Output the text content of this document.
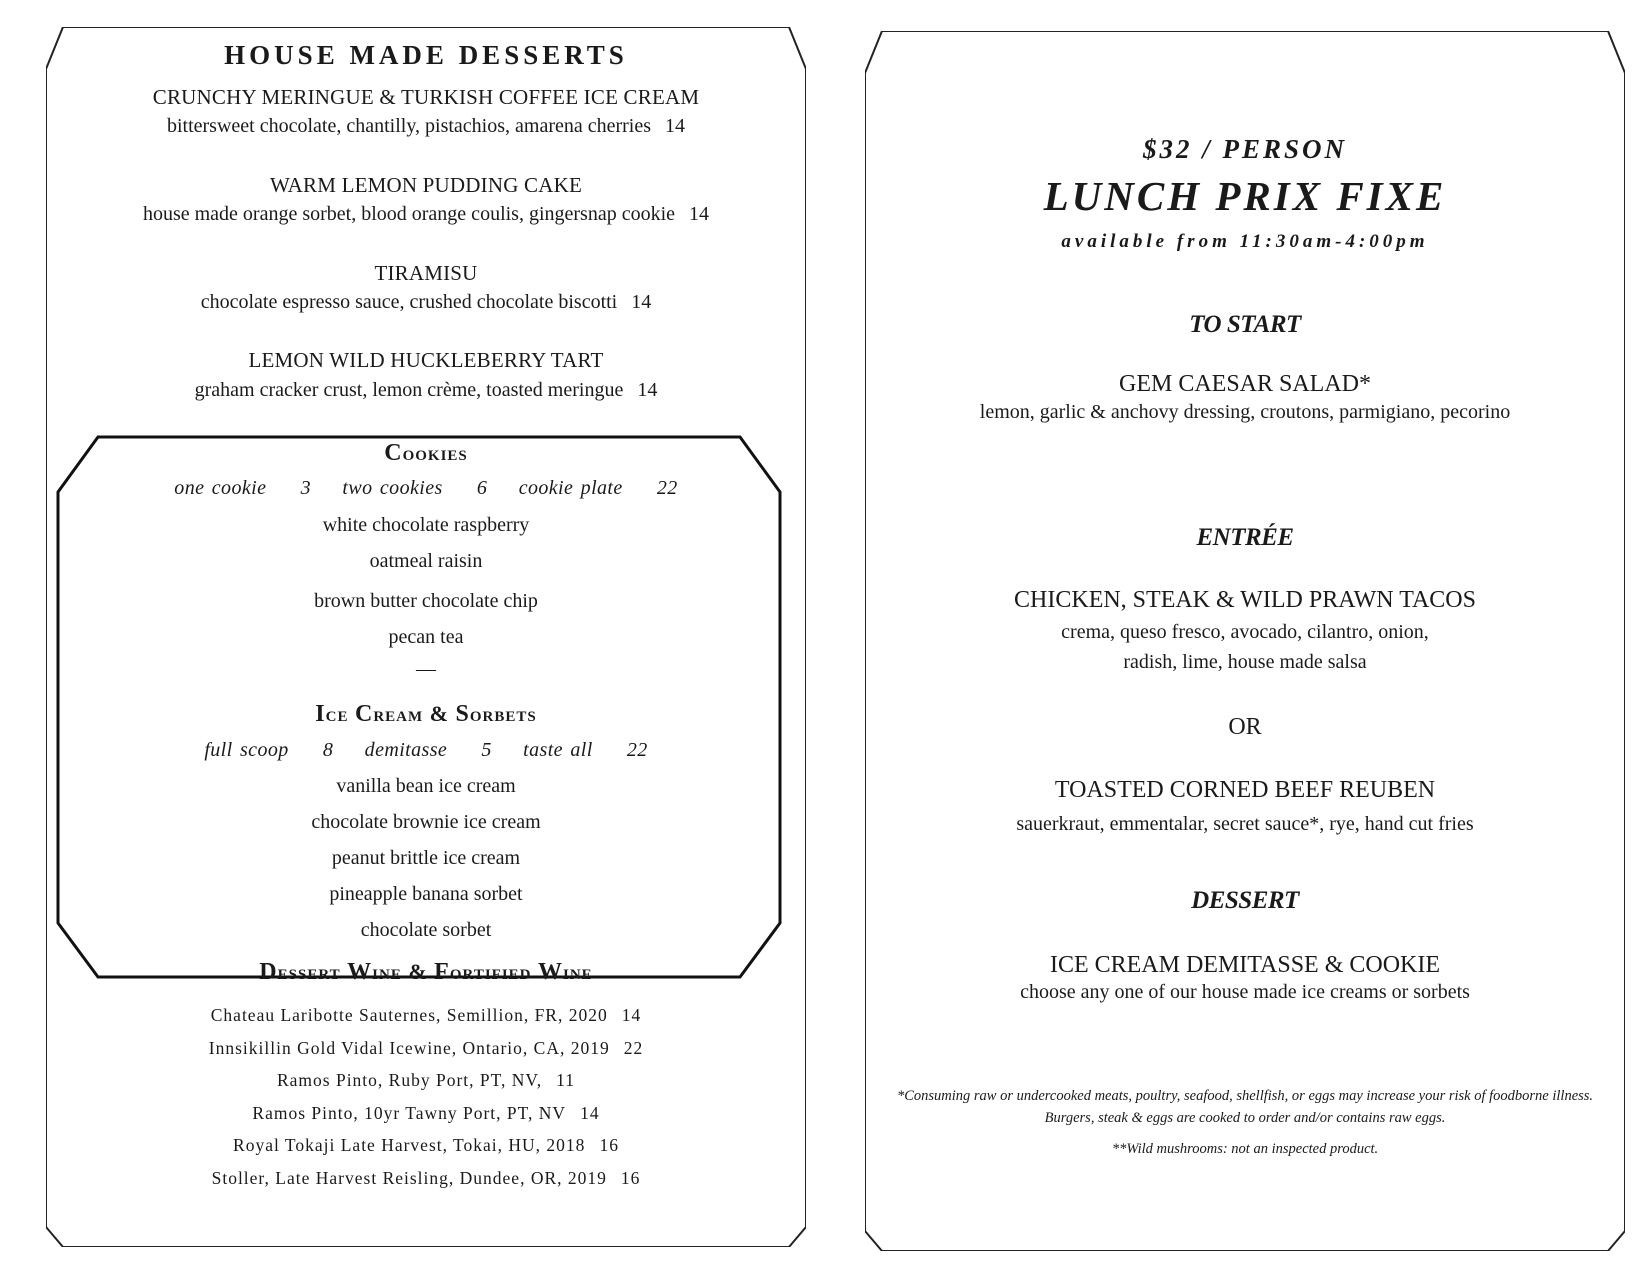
HOUSE MADE DESSERTS
CRUNCHY MERINGUE & TURKISH COFFEE ICE CREAM
bittersweet chocolate, chantilly, pistachios, amarena cherries 14
WARM LEMON PUDDING CAKE
house made orange sorbet, blood orange coulis, gingersnap cookie 14
TIRAMISU
chocolate espresso sauce, crushed chocolate biscotti 14
LEMON WILD HUCKLEBERRY TART
graham cracker crust, lemon crème, toasted meringue 14
Cookies
one cookie 3 two cookies 6 cookie plate 22
white chocolate raspberry
oatmeal raisin
brown butter chocolate chip
pecan tea
—
Ice Cream & Sorbets
full scoop 8 demitasse 5 taste all 22
vanilla bean ice cream
chocolate brownie ice cream
peanut brittle ice cream
pineapple banana sorbet
chocolate sorbet
Dessert Wine & Fortified Wine
Chateau Laribotte Sauternes, Semillion, FR, 2020 14
Innsikillin Gold Vidal Icewine, Ontario, CA, 2019 22
Ramos Pinto, Ruby Port, PT, NV, 11
Ramos Pinto, 10yr Tawny Port, PT, NV 14
Royal Tokaji Late Harvest, Tokai, HU, 2018 16
Stoller, Late Harvest Reisling, Dundee, OR, 2019 16
$32 / PERSON
LUNCH PRIX FIXE
available from 11:30am-4:00pm
TO START
GEM CAESAR SALAD*
lemon, garlic & anchovy dressing, croutons, parmigiano, pecorino
ENTRÉE
CHICKEN, STEAK & WILD PRAWN TACOS
crema, queso fresco, avocado, cilantro, onion,
radish, lime, house made salsa
OR
TOASTED CORNED BEEF REUBEN
sauerkraut, emmentalar, secret sauce*, rye, hand cut fries
DESSERT
ICE CREAM DEMITASSE & COOKIE
choose any one of our house made ice creams or sorbets
*Consuming raw or undercooked meats, poultry, seafood, shellfish, or eggs may increase your risk of foodborne illness. Burgers, steak & eggs are cooked to order and/or contains raw eggs.
**Wild mushrooms: not an inspected product.
